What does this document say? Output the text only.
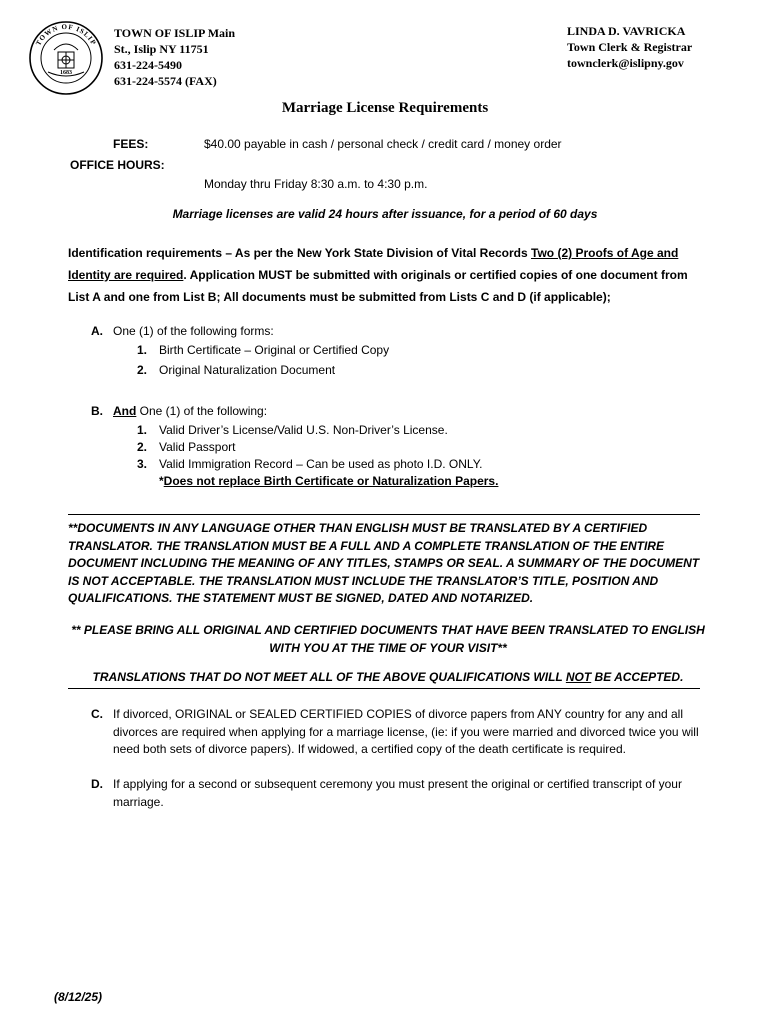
1683
TOWN OF ISLIP
TOWN OF ISLIP Main
St., Islip NY 11751
631-224-5490
631-224-5574 (FAX)
LINDA D. VAVRICKA
Town Clerk & Registrar
townclerk@islipny.gov
Marriage License Requirements
FEES:
OFFICE HOURS:
$40.00 payable in cash / personal check / credit card / money order
Monday thru Friday 8:30 a.m. to 4:30 p.m.
Marriage licenses are valid 24 hours after issuance, for a period of 60 days

Identification requirements – As per the New York State Division of Vital Records Two (2) Proofs of Age and Identity are required. Application MUST be submitted with originals or certified copies of one document from List A and one from List B; All documents must be submitted from Lists C and D (if applicable);

A. One (1) of the following forms:
1. Birth Certificate – Original or Certified Copy
2. Original Naturalization Document
B. And One (1) of the following:
1. Valid Driver’s License/Valid U.S. Non-Driver’s License.
2. Valid Passport
3. Valid Immigration Record – Can be used as photo I.D. ONLY.
*Does not replace Birth Certificate or Naturalization Papers.
**DOCUMENTS IN ANY LANGUAGE OTHER THAN ENGLISH MUST BE TRANSLATED BY A CERTIFIED TRANSLATOR. THE TRANSLATION MUST BE A FULL AND A COMPLETE TRANSLATION OF THE ENTIRE DOCUMENT INCLUDING THE MEANING OF ANY TITLES, STAMPS OR SEAL. A SUMMARY OF THE DOCUMENT IS NOT ACCEPTABLE. THE TRANSLATION MUST INCLUDE THE TRANSLATOR’S TITLE, POSITION AND QUALIFICATIONS. THE STATEMENT MUST BE SIGNED, DATED AND NOTARIZED.
** PLEASE BRING ALL ORIGINAL AND CERTIFIED DOCUMENTS THAT HAVE BEEN TRANSLATED TO ENGLISH WITH YOU AT THE TIME OF YOUR VISIT**
TRANSLATIONS THAT DO NOT MEET ALL OF THE ABOVE QUALIFICATIONS WILL NOT BE ACCEPTED.
C. If divorced, ORIGINAL or SEALED CERTIFIED COPIES of divorce papers from ANY country for any and all divorces are required when applying for a marriage license, (ie: if you were married and divorced twice you will need both sets of divorce papers). If widowed, a certified copy of the death certificate is required.
D. If applying for a second or subsequent ceremony you must present the original or certified transcript of your marriage.
(8/12/25)
